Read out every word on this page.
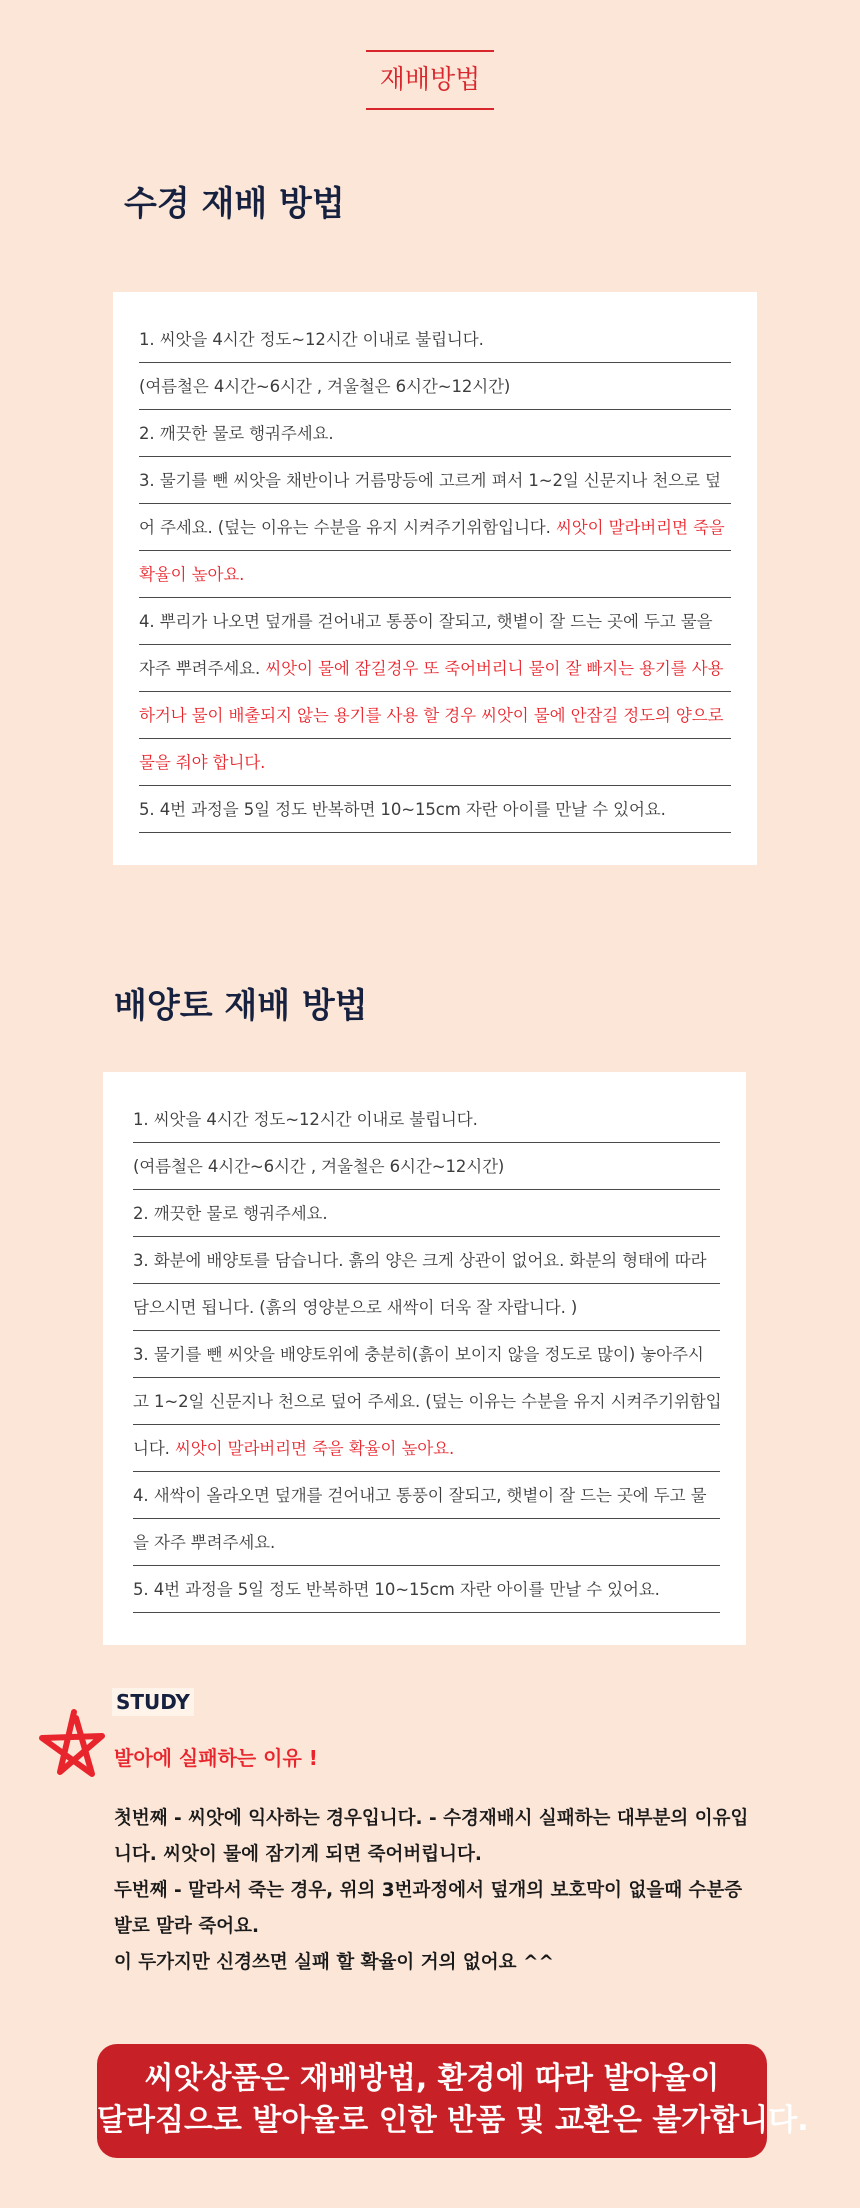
재배방법
수경 재배 방법
1. 씨앗을 4시간 정도~12시간 이내로 불립니다.
(여름철은 4시간~6시간 , 겨울철은 6시간~12시간)
2. 깨끗한 물로 행궈주세요.
3. 물기를 뺀 씨앗을 채반이나 거름망등에 고르게 펴서 1~2일 신문지나 천으로 덮
어 주세요. (덮는 이유는 수분을 유지 시켜주기위함입니다. 씨앗이 말라버리면 죽을
확율이 높아요.
4. 뿌리가 나오면 덮개를 걷어내고 통풍이 잘되고, 햇볕이 잘 드는 곳에 두고 물을
자주 뿌려주세요. 씨앗이 물에 잠길경우 또 죽어버리니 물이 잘 빠지는 용기를 사용
하거나 물이 배출되지 않는 용기를 사용 할 경우 씨앗이 물에 안잠길 정도의 양으로
물을 줘야 합니다.
5. 4번 과정을 5일 정도 반복하면 10~15cm 자란 아이를 만날 수 있어요.
배양토 재배 방법
1. 씨앗을 4시간 정도~12시간 이내로 불립니다.
(여름철은 4시간~6시간 , 겨울철은 6시간~12시간)
2. 깨끗한 물로 행궈주세요.
3. 화분에 배양토를 담습니다. 흙의 양은 크게 상관이 없어요. 화분의 형태에 따라
담으시면 됩니다. (흙의 영양분으로 새싹이 더욱 잘 자랍니다. )
3. 물기를 뺀 씨앗을 배양토위에 충분히(흙이 보이지 않을 정도로 많이) 놓아주시
고 1~2일 신문지나 천으로 덮어 주세요. (덮는 이유는 수분을 유지 시켜주기위함입
니다. 씨앗이 말라버리면 죽을 확율이 높아요.
4. 새싹이 올라오면 덮개를 걷어내고 통풍이 잘되고, 햇볕이 잘 드는 곳에 두고 물
을 자주 뿌려주세요.
5. 4번 과정을 5일 정도 반복하면 10~15cm 자란 아이를 만날 수 있어요.
STUDY
발아에 실패하는 이유 !
첫번째 - 씨앗에 익사하는 경우입니다. - 수경재배시 실패하는 대부분의 이유입
니다. 씨앗이 물에 잠기게 되면 죽어버립니다.
두번째 - 말라서 죽는 경우, 위의 3번과정에서 덮개의 보호막이 없을때 수분증
발로 말라 죽어요.
이 두가지만 신경쓰면 실패 할 확율이 거의 없어요 ^^
씨앗상품은 재배방법, 환경에 따라 발아율이
달라짐으로 발아율로 인한 반품 및 교환은 불가합니다.
